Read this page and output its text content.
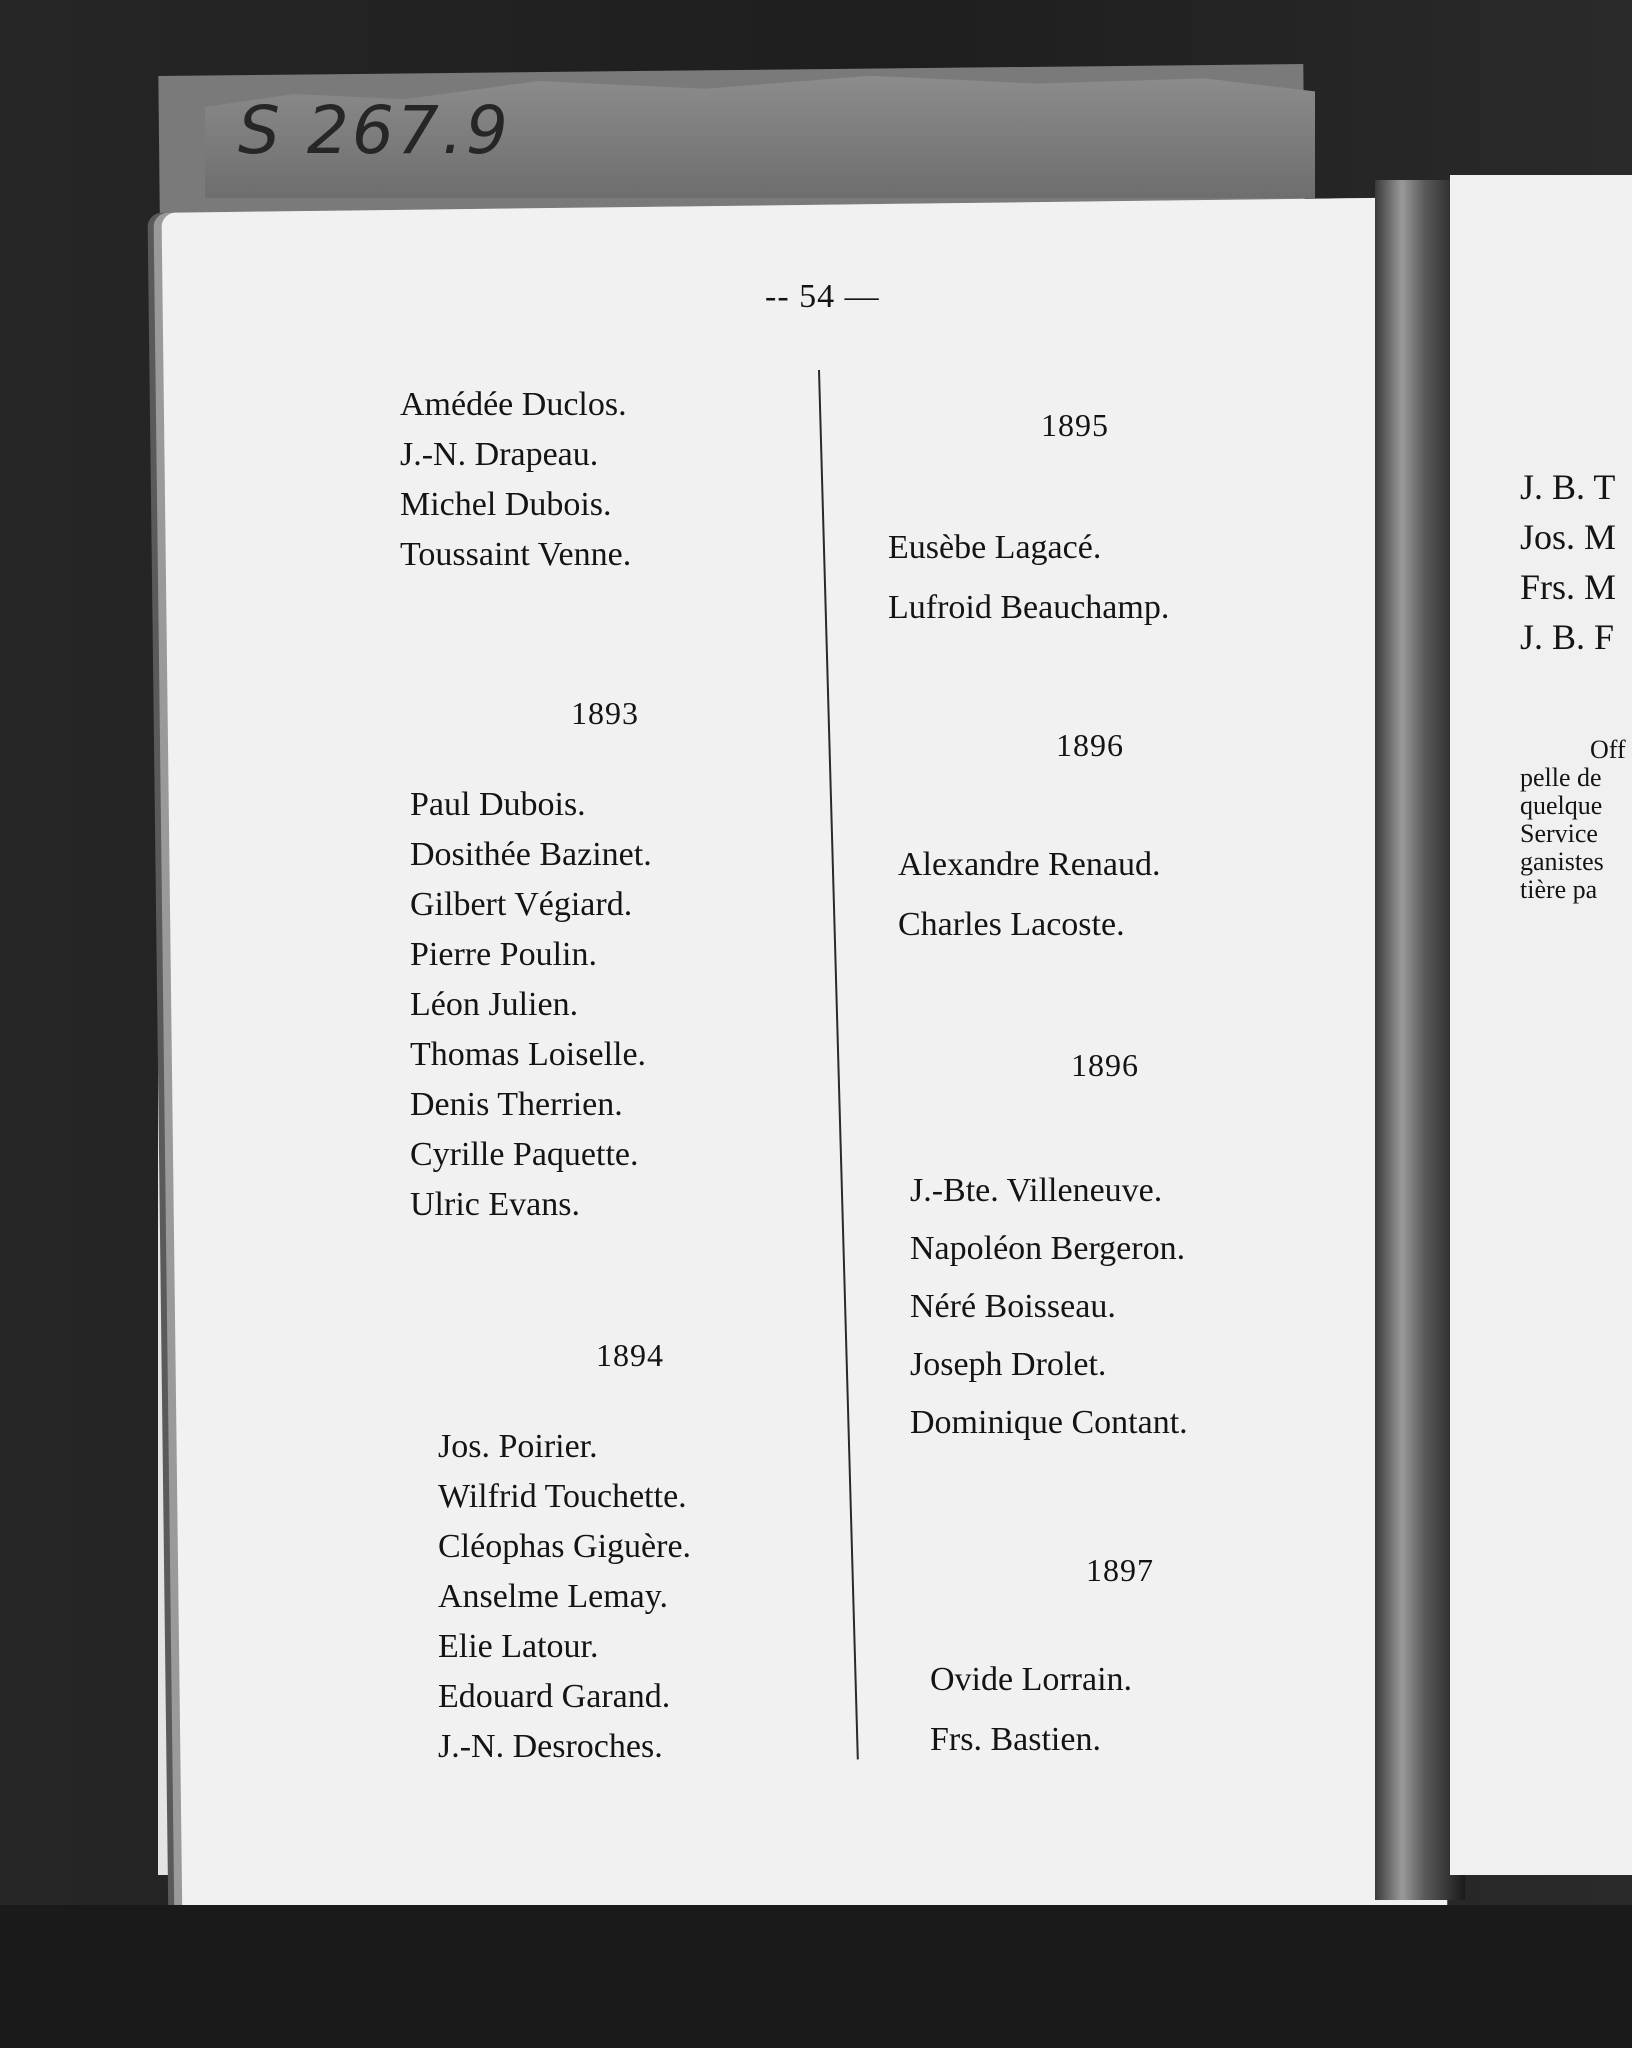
S 267.9
-- 54 —
Amédée Duclos.
J.-N. Drapeau.
Michel Dubois.
Toussaint Venne.
1893
Paul Dubois.
Dosithée Bazinet.
Gilbert Végiard.
Pierre Poulin.
Léon Julien.
Thomas Loiselle.
Denis Therrien.
Cyrille Paquette.
Ulric Evans.
1894
Jos. Poirier.
Wilfrid Touchette.
Cléophas Giguère.
Anselme Lemay.
Elie Latour.
Edouard Garand.
J.-N. Desroches.
1895
Eusèbe Lagacé.
Lufroid Beauchamp.
1896
Alexandre Renaud.
Charles Lacoste.
1896
J.-Bte. Villeneuve.
Napoléon Bergeron.
Néré Boisseau.
Joseph Drolet.
Dominique Contant.
1897
Ovide Lorrain.
Frs. Bastien.
J. B. T
Jos. M
Frs. M
J. B. F
Off
pelle de
quelque
Service
ganistes
tière pa
